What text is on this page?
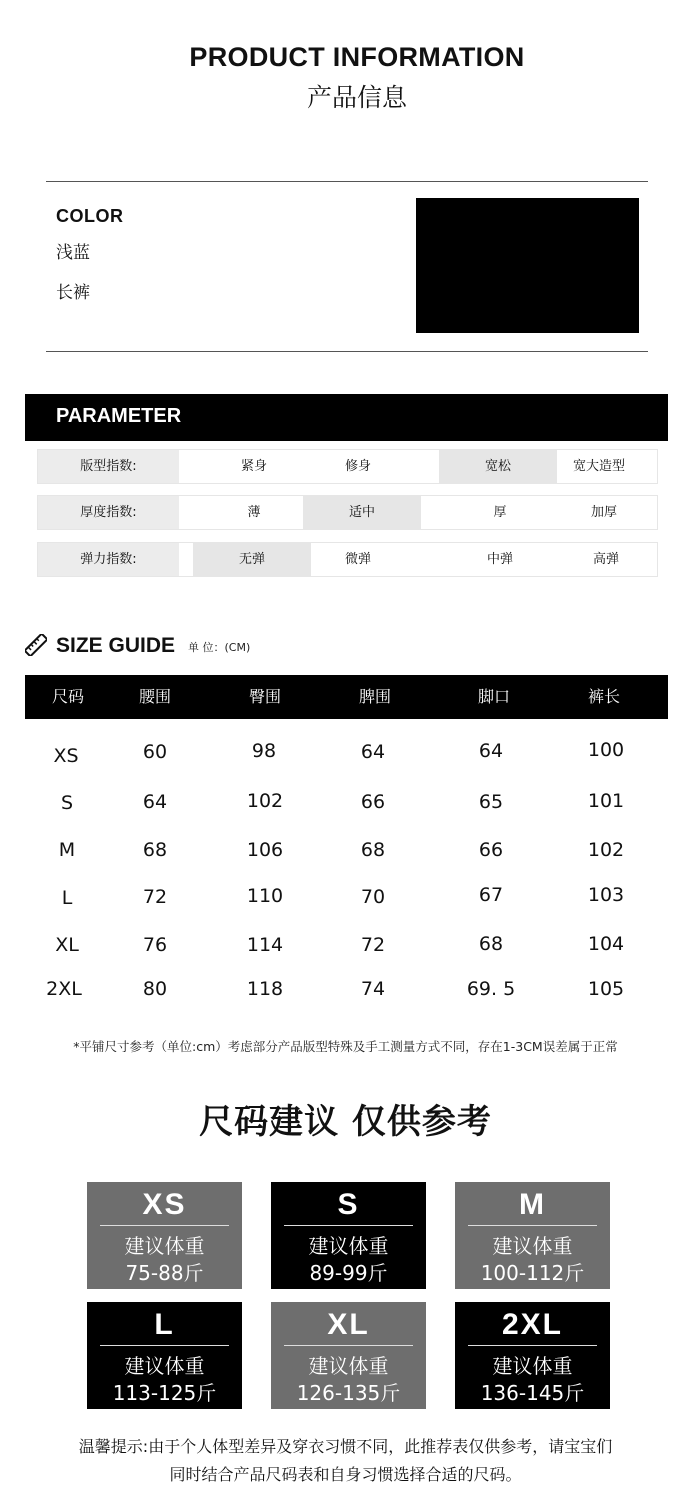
PRODUCT INFORMATION
产品信息
COLOR
浅蓝
长裤
PARAMETER
版型指数:	紧身	修身	宽松	宽大造型
厚度指数:	薄	适中	厚	加厚
弹力指数:	无弹	微弹	中弹	高弹
SIZE GUIDE 单 位：(CM)
尺码	腰围	臀围	脾围	脚口	裤长
XS	60	98	64	64	100
S	64	102	66	65	101
M	68	106	68	66	102
L	72	110	70	67	103
XL	76	114	72	68	104
2XL	80	118	74	69. 5	105
*平铺尺寸参考（单位:cm）考虑部分产品版型特殊及手工测量方式不同，存在1-3CM误差属于正常
尺码建议 仅供参考
XS
建议体重
75-88斤
S
建议体重
89-99斤
M
建议体重
100-112斤
L
建议体重
113-125斤
XL
建议体重
126-135斤
2XL
建议体重
136-145斤
温馨提示:由于个人体型差异及穿衣习惯不同，此推荐表仅供参考，请宝宝们
同时结合产品尺码表和自身习惯选择合适的尺码。
